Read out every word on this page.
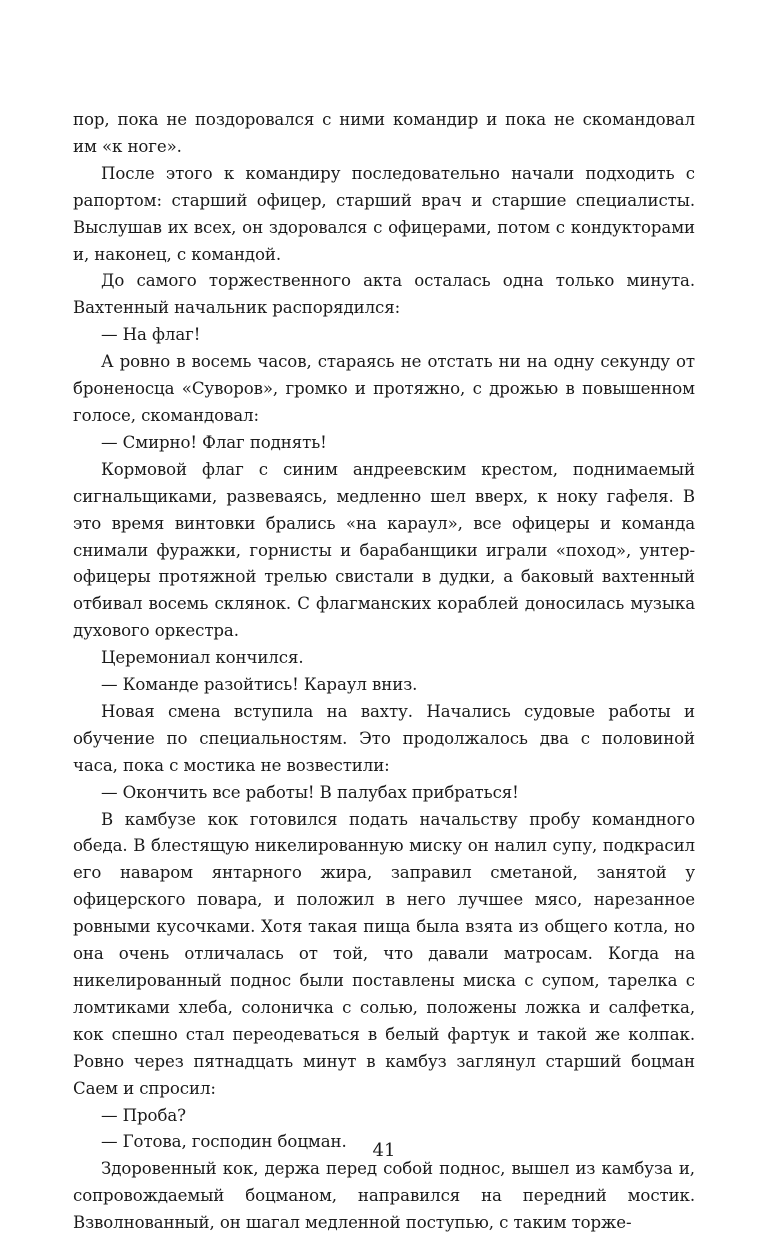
пор, пока не поздоровался с ними командир и пока не скомандовал им «к ноге».

После этого к командиру последовательно начали подходить с рапортом: старший офицер, старший врач и старшие специалисты. Выслушав их всех, он здоровался с офицерами, потом с кондукторами и, наконец, с командой.

До самого торжественного акта осталась одна только минута. Вахтенный начальник распорядился:

— На флаг!

А ровно в восемь часов, стараясь не отстать ни на одну секунду от броненосца «Суворов», громко и протяжно, с дрожью в повышенном голосе, скомандовал:

— Смирно! Флаг поднять!

Кормовой флаг с синим андреевским крестом, поднимаемый сигнальщиками, развеваясь, медленно шел вверх, к ноку гафеля. В это время винтовки брались «на караул», все офицеры и команда снимали фуражки, горнисты и барабанщики играли «поход», унтер-офицеры протяжной трелью свистали в дудки, а баковый вахтенный отбивал восемь склянок. С флагманских кораблей доносилась музыка духового оркестра.

Церемониал кончился.

— Команде разойтись! Караул вниз.

Новая смена вступила на вахту. Начались судовые работы и обучение по специальностям. Это продолжалось два с половиной часа, пока с мостика не возвестили:

— Окончить все работы! В палубах прибраться!

В камбузе кок готовился подать начальству пробу командного обеда. В блестящую никелированную миску он налил супу, подкрасил его наваром янтарного жира, заправил сметаной, занятой у офицерского повара, и положил в него лучшее мясо, нарезанное ровными кусочками. Хотя такая пища была взята из общего котла, но она очень отличалась от той, что давали матросам. Когда на никелированный поднос были поставлены миска с супом, тарелка с ломтиками хлеба, солоничка с солью, положены ложка и салфетка, кок спешно стал переодеваться в белый фартук и такой же колпак. Ровно через пятнадцать минут в камбуз заглянул старший боцман Саем и спросил:

— Проба?

— Готова, господин боцман.

Здоровенный кок, держа перед собой поднос, вышел из камбуза и, сопровождаемый боцманом, направился на передний мостик. Взволнованный, он шагал медленной поступью, с таким торже-

41
